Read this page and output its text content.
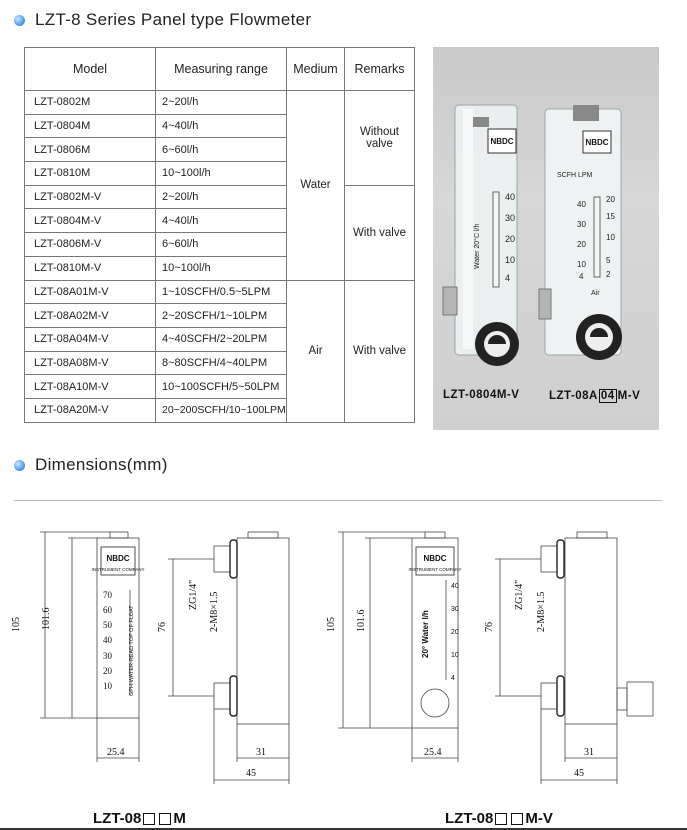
LZT-8 Series Panel type Flowmeter
Model	Measuring range	Medium	Remarks
LZT-0802M	2~20l/h	Water	Without valve
LZT-0804M	4~40l/h		
LZT-0806M	6~60l/h		
LZT-0810M	10~100l/h		
LZT-0802M-V	2~20l/h		With valve
LZT-0804M-V	4~40l/h		
LZT-0806M-V	6~60l/h		
LZT-0810M-V	10~100l/h		
LZT-08A01M-V	1~10SCFH/0.5~5LPM	Air	With valve
LZT-08A02M-V	2~20SCFH/1~10LPM		
LZT-08A04M-V	4~40SCFH/2~20LPM		
LZT-08A08M-V	8~80SCFH/4~40LPM		
LZT-08A10M-V	10~100SCFH/5~50LPM		
LZT-08A20M-V	20~200SCFH/10~100LPM		
NBDC
40
30
20
10
4
Water 20°C l/h
NBDC
SCFH LPM
40
30
20
10
4
20
15
10
5
2
Air
LZT-0804M-V	LZT-08A 04 M-V
Dimensions(mm)
NBDC
INSTRUMENT COMPANY
70
60
50
40
30
20
10	GPH-WATER-READ TOP OF FLOAT
105 101.6
25.4
76
31
45
ZG1/4" 2-M8×1.5
NBDC
INSTRUMENT COMPANY
40
30
20
10
4
20° Water l/h
105 101.6
25.4
76
31
45
ZG1/4" 2-M8×1.5
LZT-08 M	LZT-08 M-V
